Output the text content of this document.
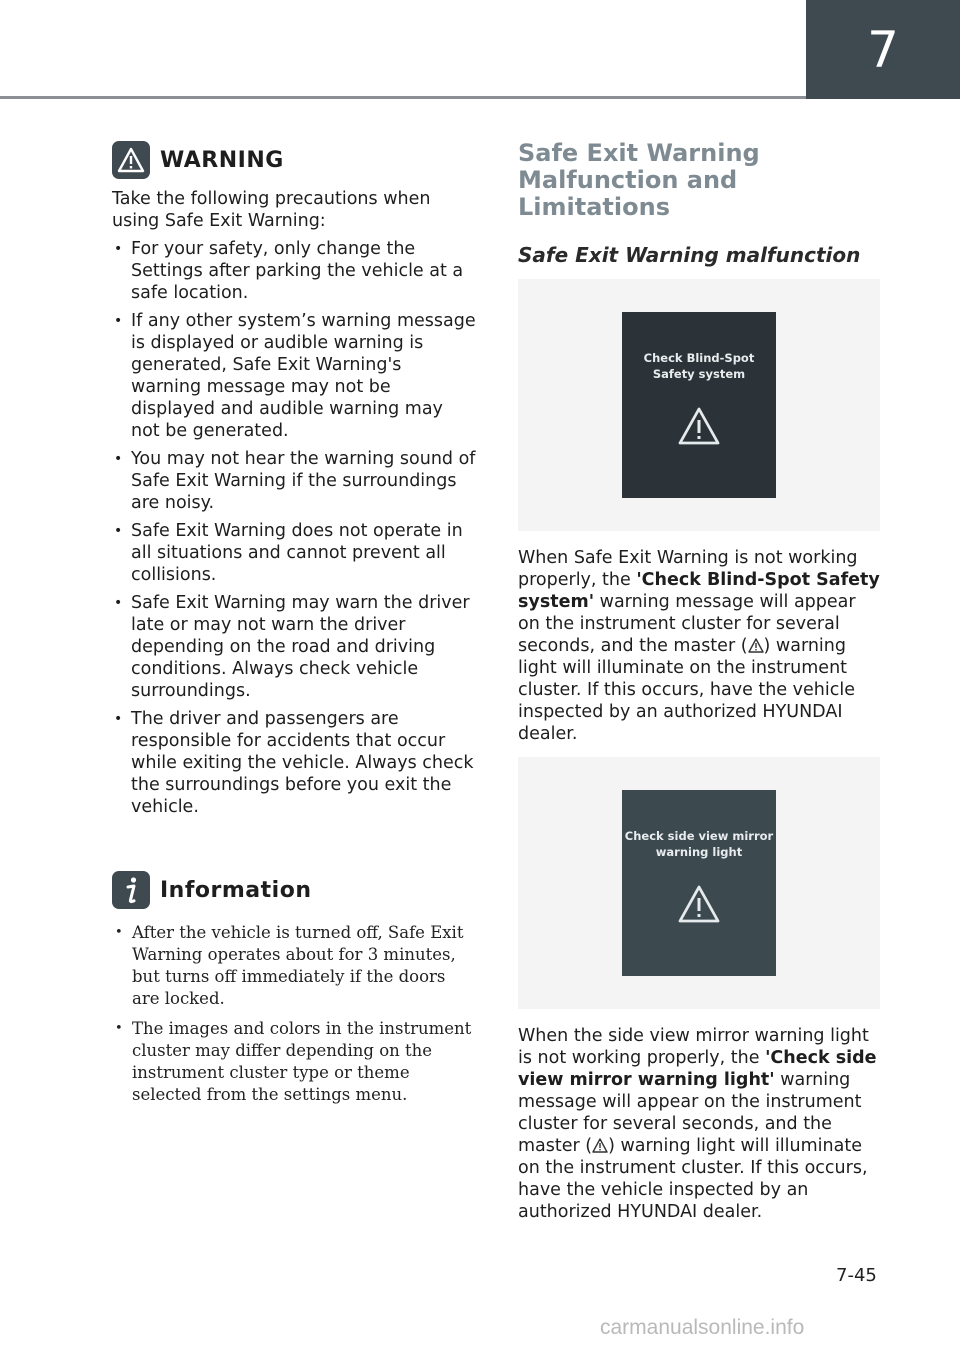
7
WARNING

Take the following precautions when using Safe Exit Warning:

• For your safety, only change the Settings after parking the vehicle at a safe location.
• If any other system’s warning message is displayed or audible warning is generated, Safe Exit Warning's warning message may not be displayed and audible warning may not be generated.
• You may not hear the warning sound of Safe Exit Warning if the surroundings are noisy.
• Safe Exit Warning does not operate in all situations and cannot prevent all collisions.
• Safe Exit Warning may warn the driver late or may not warn the driver depending on the road and driving conditions. Always check vehicle surroundings.
• The driver and passengers are responsible for accidents that occur while exiting the vehicle. Always check the surroundings before you exit the vehicle.
Information
• After the vehicle is turned off, Safe Exit Warning operates about for 3 minutes, but turns off immediately if the doors are locked.
• The images and colors in the instrument cluster may differ depending on the instrument cluster type or theme selected from the settings menu.
Safe Exit Warning Malfunction and Limitations
Safe Exit Warning malfunction
Check Blind-Spot Safety system

When Safe Exit Warning is not working properly, the 'Check Blind-Spot Safety system' warning message will appear on the instrument cluster for several seconds, and the master ( ) warning light will illuminate on the instrument cluster. If this occurs, have the vehicle inspected by an authorized HYUNDAI dealer.

Check side view mirror warning light

When the side view mirror warning light is not working properly, the 'Check side view mirror warning light' warning message will appear on the instrument cluster for several seconds, and the master ( ) warning light will illuminate on the instrument cluster. If this occurs, have the vehicle inspected by an authorized HYUNDAI dealer.

7-45
carmanualsonline.info
